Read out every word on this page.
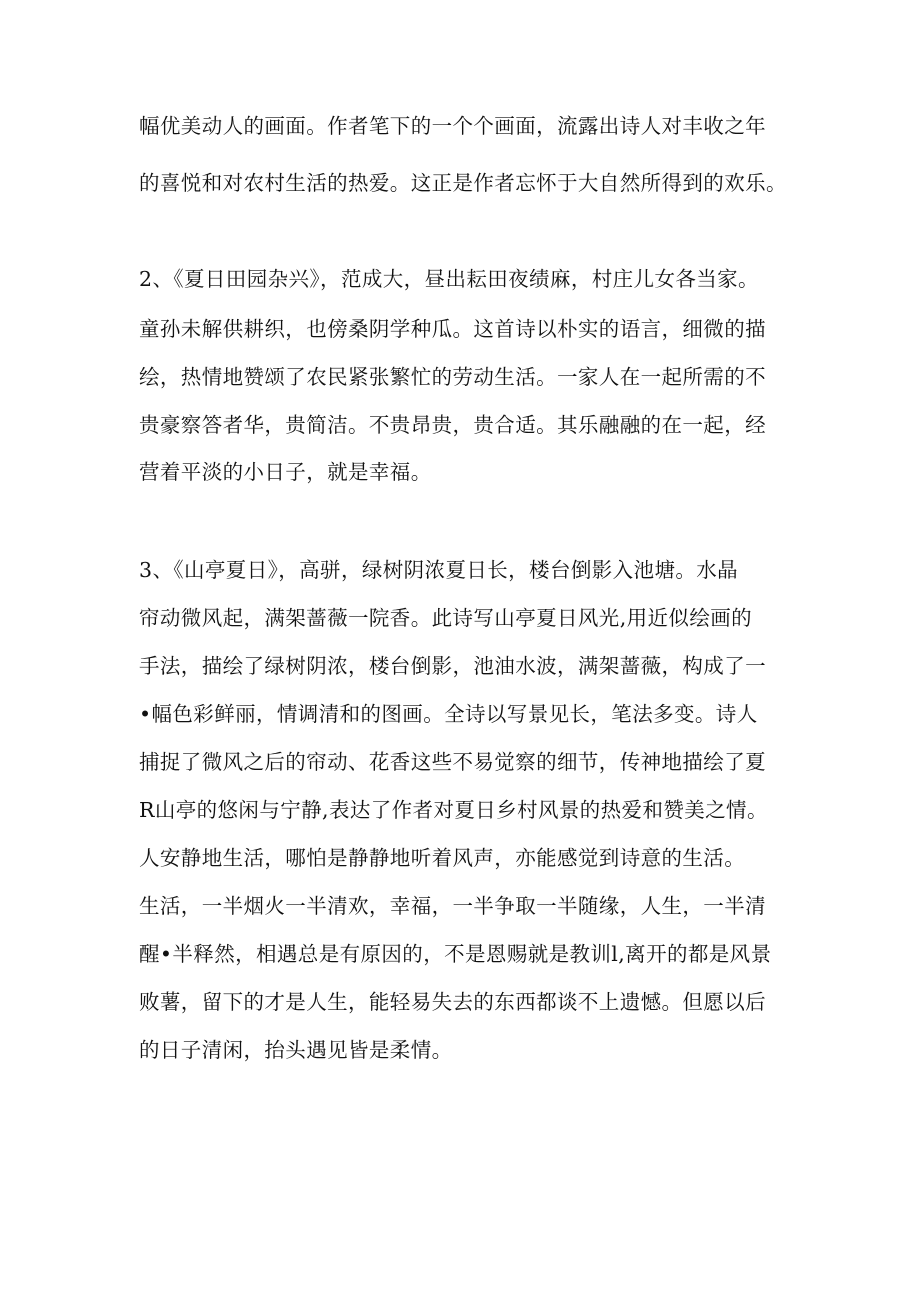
幅优美动人的画面。作者笔下的一个个画面，流露出诗人对丰收之年
的喜悦和对农村生活的热爱。这正是作者忘怀于大自然所得到的欢乐。
2、《夏日田园杂兴》，范成大，昼出耘田夜绩麻，村庄儿女各当家。
童孙未解供耕织，也傍桑阴学种瓜。这首诗以朴实的语言，细微的描
绘，热情地赞颂了农民紧张繁忙的劳动生活。一家人在一起所需的不
贵豪察答者华，贵简洁。不贵昂贵，贵合适。其乐融融的在一起，经
营着平淡的小日子，就是幸福。
3、《山亭夏日》，高骈，绿树阴浓夏日长，楼台倒影入池塘。水晶
帘动微风起，满架蔷薇一院香。此诗写山亭夏日风光,用近似绘画的
手法，描绘了绿树阴浓，楼台倒影，池油水波，满架蔷薇，构成了一
•幅色彩鲜丽，情调清和的图画。全诗以写景见长，笔法多变。诗人
捕捉了微风之后的帘动、花香这些不易觉察的细节，传神地描绘了夏
R山亭的悠闲与宁静,表达了作者对夏日乡村风景的热爱和赞美之情。
人安静地生活，哪怕是静静地听着风声，亦能感觉到诗意的生活。
生活，一半烟火一半清欢，幸福，一半争取一半随缘，人生，一半清
醒•半释然，相遇总是有原因的，不是恩赐就是教训l,离开的都是风景
败薯，留下的才是人生，能轻易失去的东西都谈不上遗憾。但愿以后
的日子清闲，抬头遇见皆是柔情。
